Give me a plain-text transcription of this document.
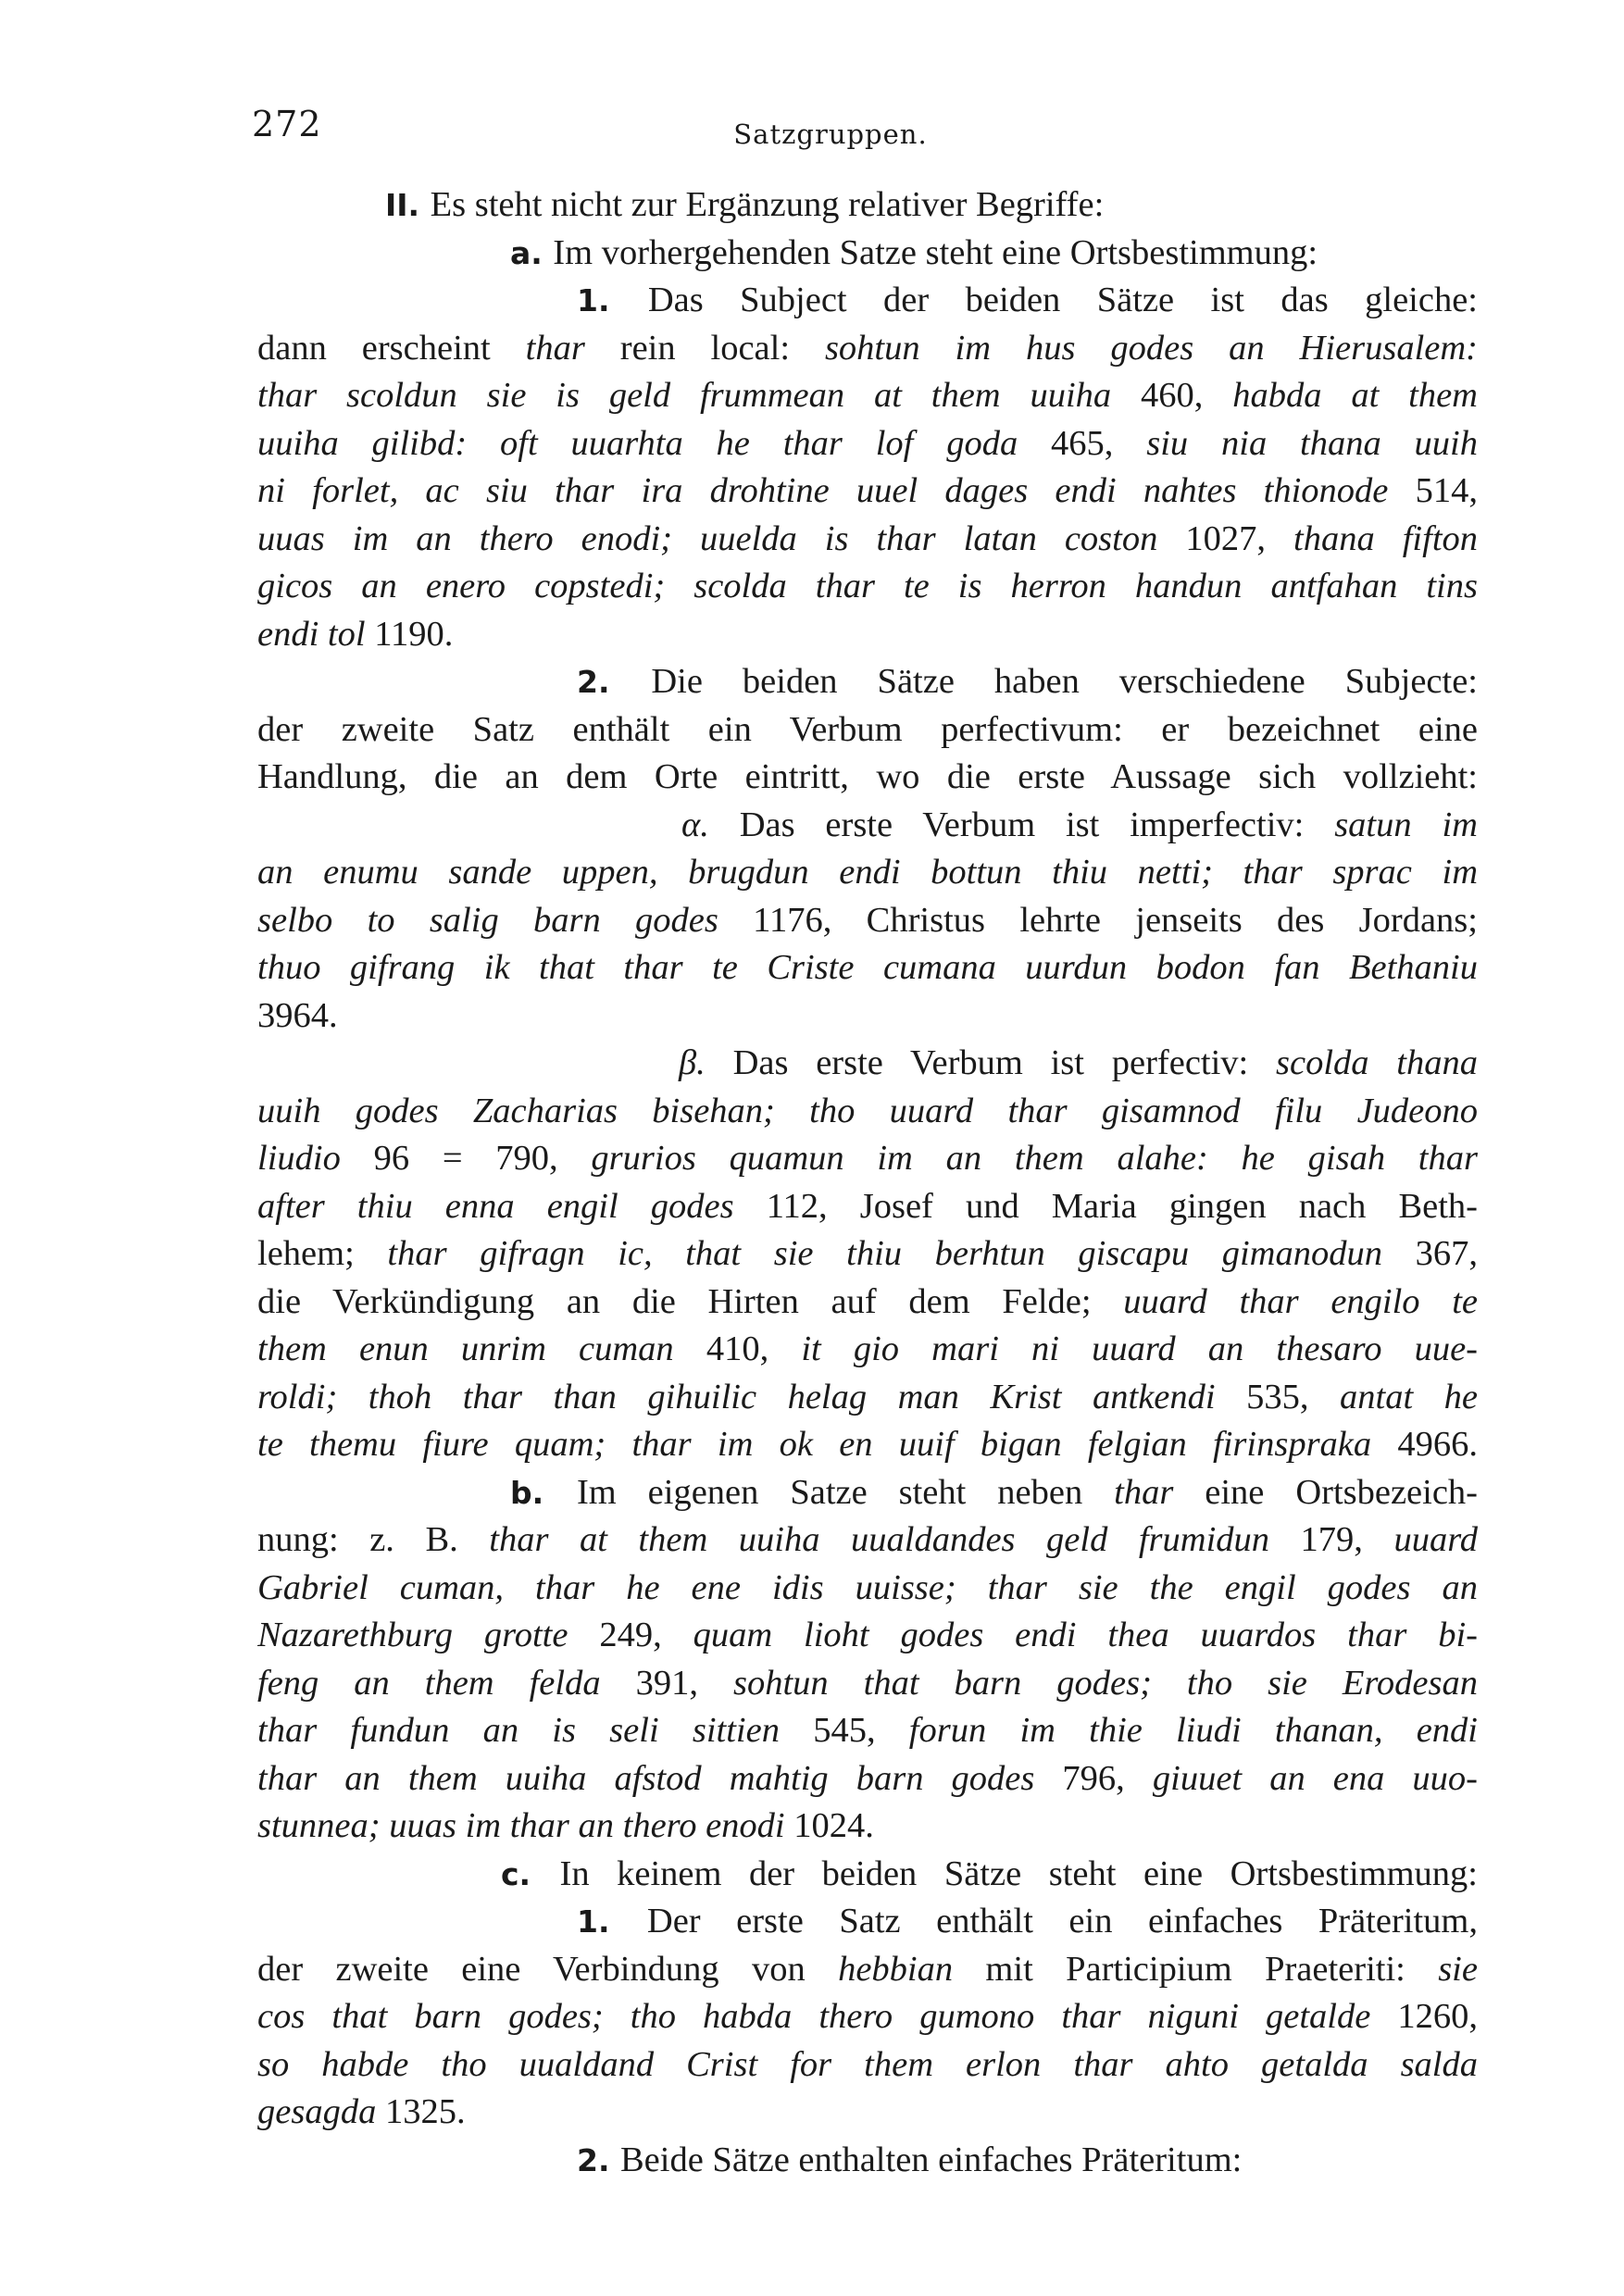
272	Satzgruppen.
II. Es steht nicht zur Ergänzung relativer Begriffe:
a. Im vorhergehenden Satze steht eine Ortsbestimmung:
1. Das Subject der beiden Sätze ist das gleiche:
dann erscheint thar rein local: sohtun im hus godes an Hierusalem:
thar scoldun sie is geld frummean at them uuiha 460, habda at them
uuiha gilibd: oft uuarhta he thar lof goda 465, siu nia thana uuih
ni forlet, ac siu thar ira drohtine uuel dages endi nahtes thionode 514,
uuas im an thero enodi; uuelda is thar latan coston 1027, thana fifton
gicos an enero copstedi; scolda thar te is herron handun antfahan tins
endi tol 1190.
2. Die beiden Sätze haben verschiedene Subjecte:
der zweite Satz enthält ein Verbum perfectivum: er bezeichnet eine
Handlung, die an dem Orte eintritt, wo die erste Aussage sich vollzieht:
α. Das erste Verbum ist imperfectiv: satun im
an enumu sande uppen, brugdun endi bottun thiu netti; thar sprac im
selbo to salig barn godes 1176, Christus lehrte jenseits des Jordans;
thuo gifrang ik that thar te Criste cumana uurdun bodon fan Bethaniu
3964.
β. Das erste Verbum ist perfectiv: scolda thana
uuih godes Zacharias bisehan; tho uuard thar gisamnod filu Judeono
liudio 96 = 790, grurios quamun im an them alahe: he gisah thar
after thiu enna engil godes 112, Josef und Maria gingen nach Beth-
lehem; thar gifragn ic, that sie thiu berhtun giscapu gimanodun 367,
die Verkündigung an die Hirten auf dem Felde; uuard thar engilo te
them enun unrim cuman 410, it gio mari ni uuard an thesaro uue-
roldi; thoh thar than gihuilic helag man Krist antkendi 535, antat he
te themu fiure quam; thar im ok en uuif bigan felgian firinspraka 4966.
b. Im eigenen Satze steht neben thar eine Ortsbezeich-
nung: z. B. thar at them uuiha uualdandes geld frumidun 179, uuard
Gabriel cuman, thar he ene idis uuisse; thar sie the engil godes an
Nazarethburg grotte 249, quam lioht godes endi thea uuardos thar bi-
feng an them felda 391, sohtun that barn godes; tho sie Erodesan
thar fundun an is seli sittien 545, forun im thie liudi thanan, endi
thar an them uuiha afstod mahtig barn godes 796, giuuet an ena uuo-
stunnea; uuas im thar an thero enodi 1024.
c. In keinem der beiden Sätze steht eine Ortsbestimmung:
1. Der erste Satz enthält ein einfaches Präteritum,
der zweite eine Verbindung von hebbian mit Participium Praeteriti: sie
cos that barn godes; tho habda thero gumono thar niguni getalde 1260,
so habde tho uualdand Crist for them erlon thar ahto getalda salda
gesagda 1325.
2. Beide Sätze enthalten einfaches Präteritum:
